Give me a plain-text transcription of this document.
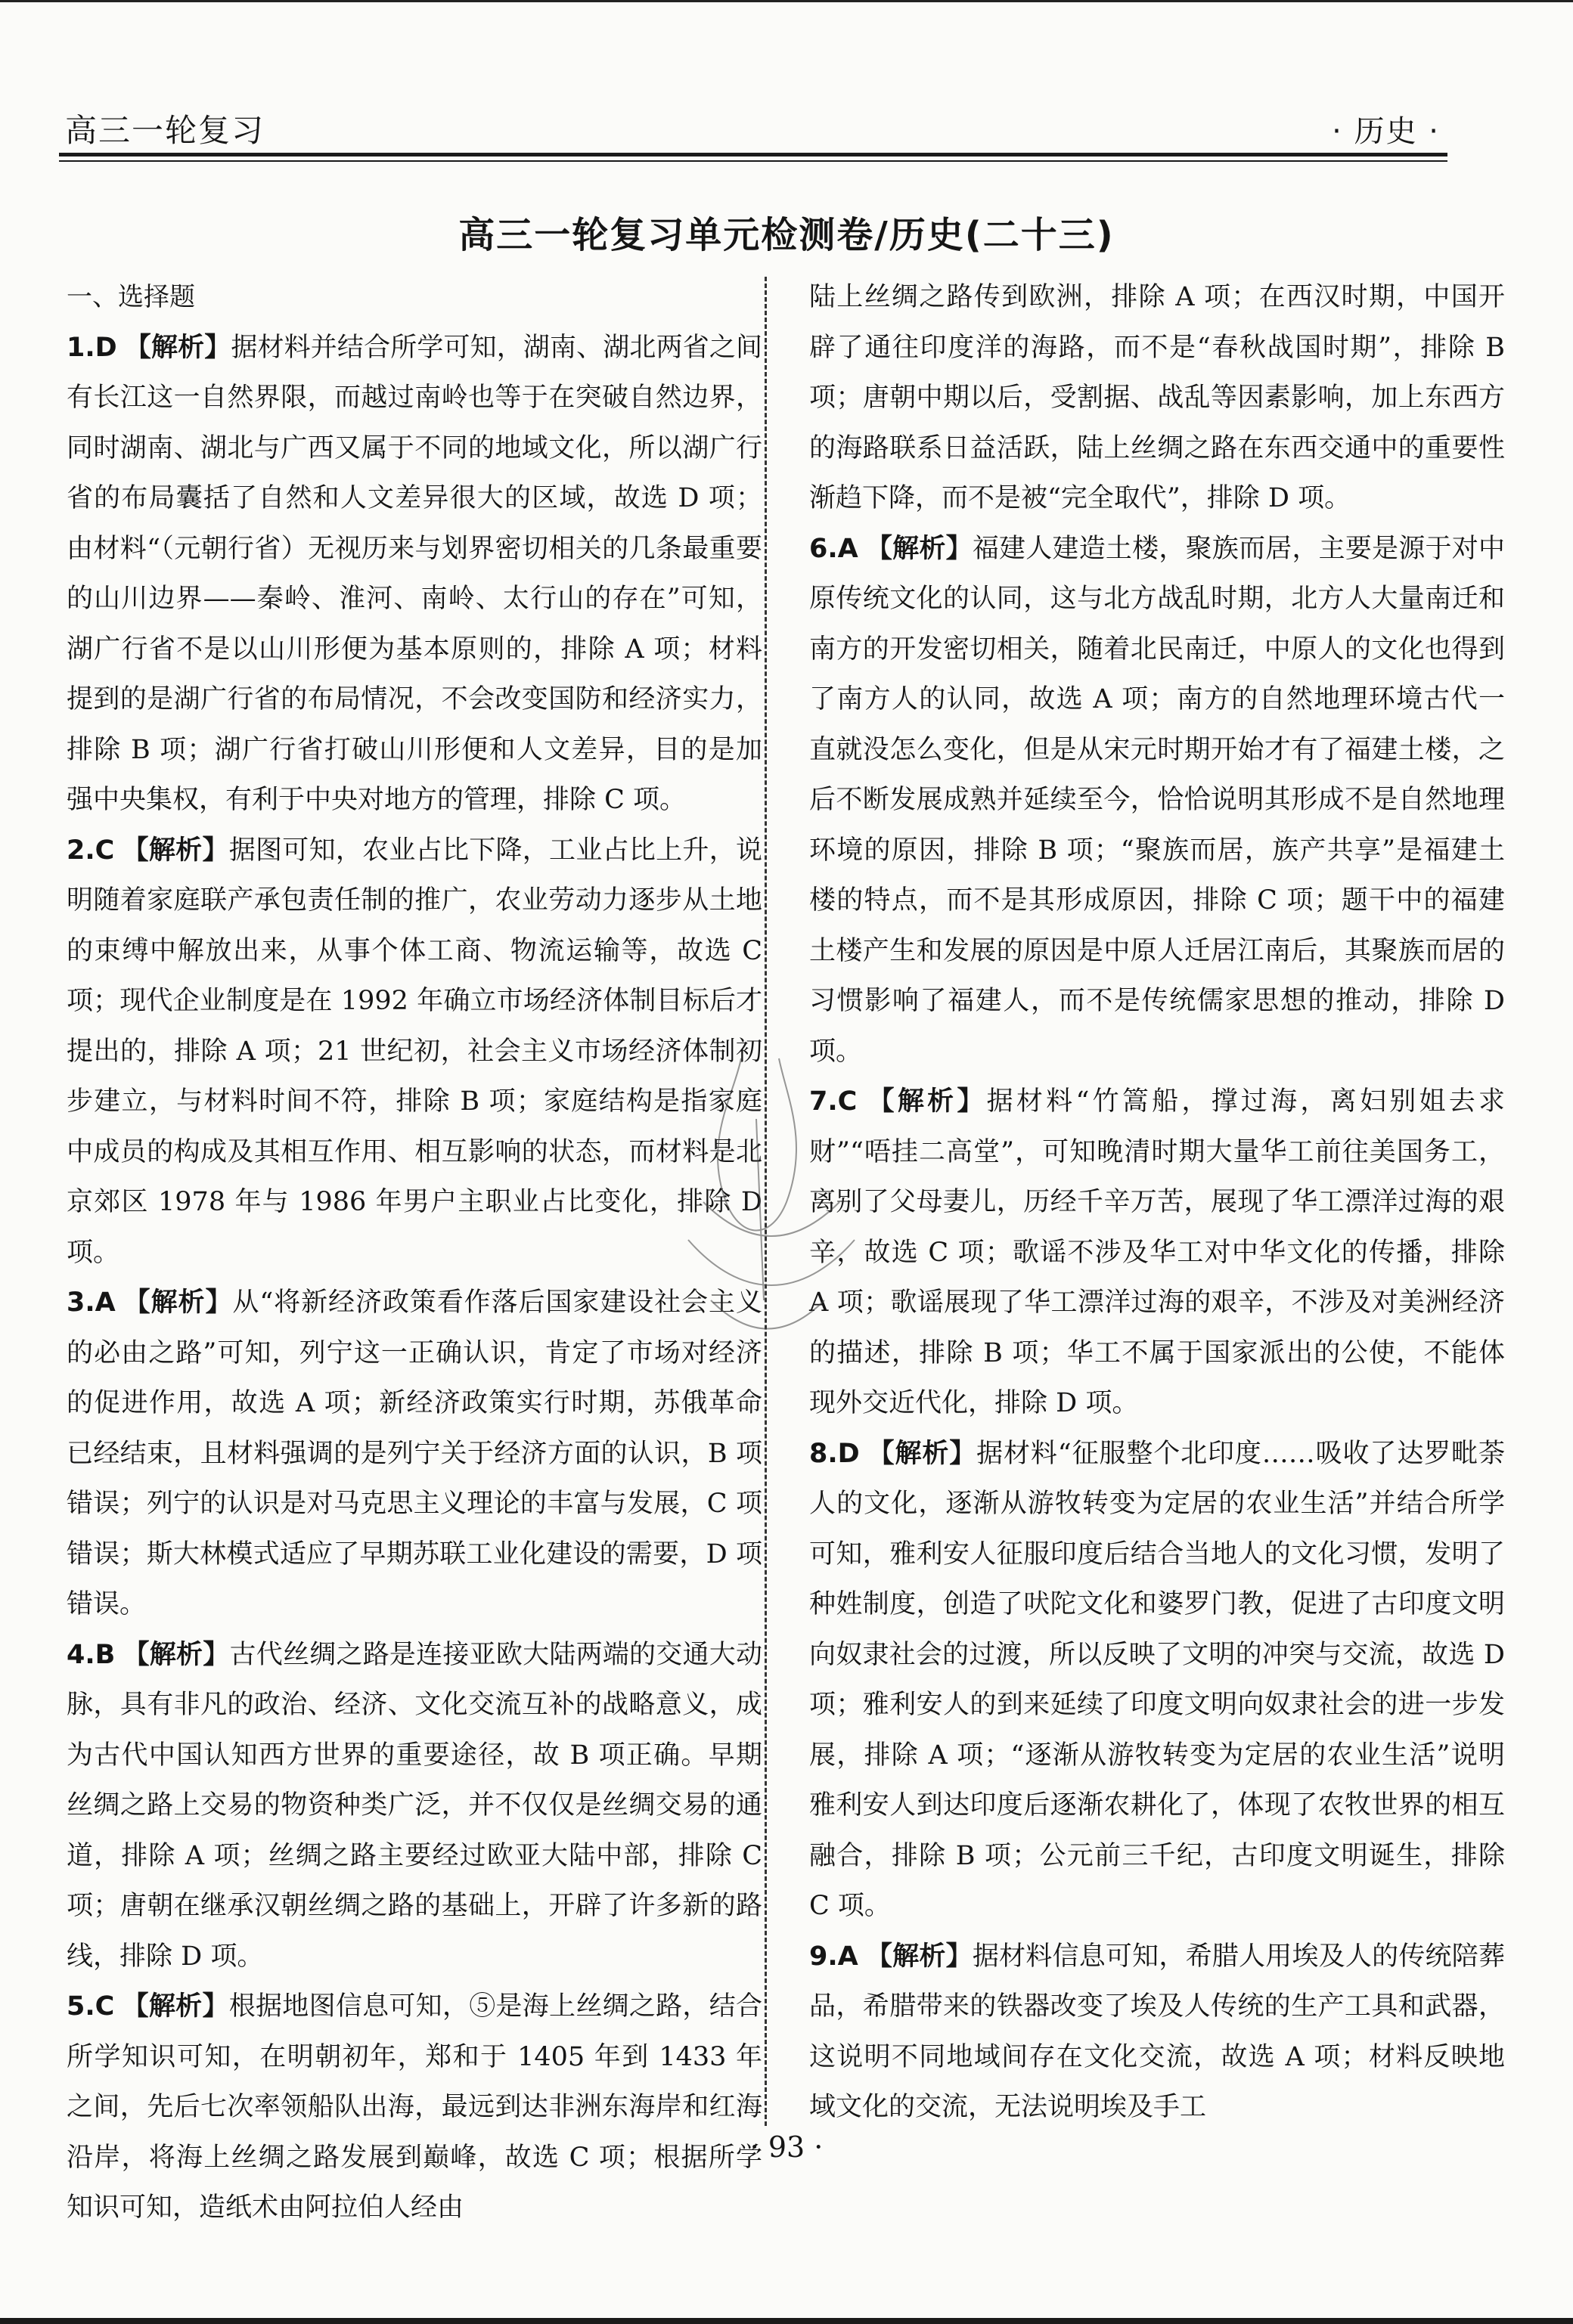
高三一轮复习	· 历史 ·
高三一轮复习单元检测卷/历史(二十三)
一、选择题

1.D 【解析】据材料并结合所学可知，湖南、湖北两省之间有长江这一自然界限，而越过南岭也等于在突破自然边界，同时湖南、湖北与广西又属于不同的地域文化，所以湖广行省的布局囊括了自然和人文差异很大的区域，故选 D 项；由材料“（元朝行省）无视历来与划界密切相关的几条最重要的山川边界——秦岭、淮河、南岭、太行山的存在”可知，湖广行省不是以山川形便为基本原则的，排除 A 项；材料提到的是湖广行省的布局情况，不会改变国防和经济实力，排除 B 项；湖广行省打破山川形便和人文差异，目的是加强中央集权，有利于中央对地方的管理，排除 C 项。

2.C 【解析】据图可知，农业占比下降，工业占比上升，说明随着家庭联产承包责任制的推广，农业劳动力逐步从土地的束缚中解放出来，从事个体工商、物流运输等，故选 C 项；现代企业制度是在 1992 年确立市场经济体制目标后才提出的，排除 A 项；21 世纪初，社会主义市场经济体制初步建立，与材料时间不符，排除 B 项；家庭结构是指家庭中成员的构成及其相互作用、相互影响的状态，而材料是北京郊区 1978 年与 1986 年男户主职业占比变化，排除 D 项。

3.A 【解析】从“将新经济政策看作落后国家建设社会主义的必由之路”可知，列宁这一正确认识，肯定了市场对经济的促进作用，故选 A 项；新经济政策实行时期，苏俄革命已经结束，且材料强调的是列宁关于经济方面的认识，B 项错误；列宁的认识是对马克思主义理论的丰富与发展，C 项错误；斯大林模式适应了早期苏联工业化建设的需要，D 项错误。

4.B 【解析】古代丝绸之路是连接亚欧大陆两端的交通大动脉，具有非凡的政治、经济、文化交流互补的战略意义，成为古代中国认知西方世界的重要途径，故 B 项正确。早期丝绸之路上交易的物资种类广泛，并不仅仅是丝绸交易的通道，排除 A 项；丝绸之路主要经过欧亚大陆中部，排除 C 项；唐朝在继承汉朝丝绸之路的基础上，开辟了许多新的路线，排除 D 项。

5.C 【解析】根据地图信息可知，⑤是海上丝绸之路，结合所学知识可知，在明朝初年，郑和于 1405 年到 1433 年之间，先后七次率领船队出海，最远到达非洲东海岸和红海沿岸，将海上丝绸之路发展到巅峰，故选 C 项；根据所学知识可知，造纸术由阿拉伯人经由

陆上丝绸之路传到欧洲，排除 A 项；在西汉时期，中国开辟了通往印度洋的海路，而不是“春秋战国时期”，排除 B 项；唐朝中期以后，受割据、战乱等因素影响，加上东西方的海路联系日益活跃，陆上丝绸之路在东西交通中的重要性渐趋下降，而不是被“完全取代”，排除 D 项。

6.A 【解析】福建人建造土楼，聚族而居，主要是源于对中原传统文化的认同，这与北方战乱时期，北方人大量南迁和南方的开发密切相关，随着北民南迁，中原人的文化也得到了南方人的认同，故选 A 项；南方的自然地理环境古代一直就没怎么变化，但是从宋元时期开始才有了福建土楼，之后不断发展成熟并延续至今，恰恰说明其形成不是自然地理环境的原因，排除 B 项；“聚族而居，族产共享”是福建土楼的特点，而不是其形成原因，排除 C 项；题干中的福建土楼产生和发展的原因是中原人迁居江南后，其聚族而居的习惯影响了福建人，而不是传统儒家思想的推动，排除 D 项。

7.C 【解析】据材料“竹篙船，撑过海，离妇别姐去求财”“唔挂二高堂”，可知晚清时期大量华工前往美国务工，离别了父母妻儿，历经千辛万苦，展现了华工漂洋过海的艰辛，故选 C 项；歌谣不涉及华工对中华文化的传播，排除 A 项；歌谣展现了华工漂洋过海的艰辛，不涉及对美洲经济的描述，排除 B 项；华工不属于国家派出的公使，不能体现外交近代化，排除 D 项。

8.D 【解析】据材料“征服整个北印度……吸收了达罗毗荼人的文化，逐渐从游牧转变为定居的农业生活”并结合所学可知，雅利安人征服印度后结合当地人的文化习惯，发明了种姓制度，创造了吠陀文化和婆罗门教，促进了古印度文明向奴隶社会的过渡，所以反映了文明的冲突与交流，故选 D 项；雅利安人的到来延续了印度文明向奴隶社会的进一步发展，排除 A 项；“逐渐从游牧转变为定居的农业生活”说明雅利安人到达印度后逐渐农耕化了，体现了农牧世界的相互融合，排除 B 项；公元前三千纪，古印度文明诞生，排除 C 项。

9.A 【解析】据材料信息可知，希腊人用埃及人的传统陪葬品，希腊带来的铁器改变了埃及人传统的生产工具和武器，这说明不同地域间存在文化交流，故选 A 项；材料反映地域文化的交流，无法说明埃及手工

· 93 ·
